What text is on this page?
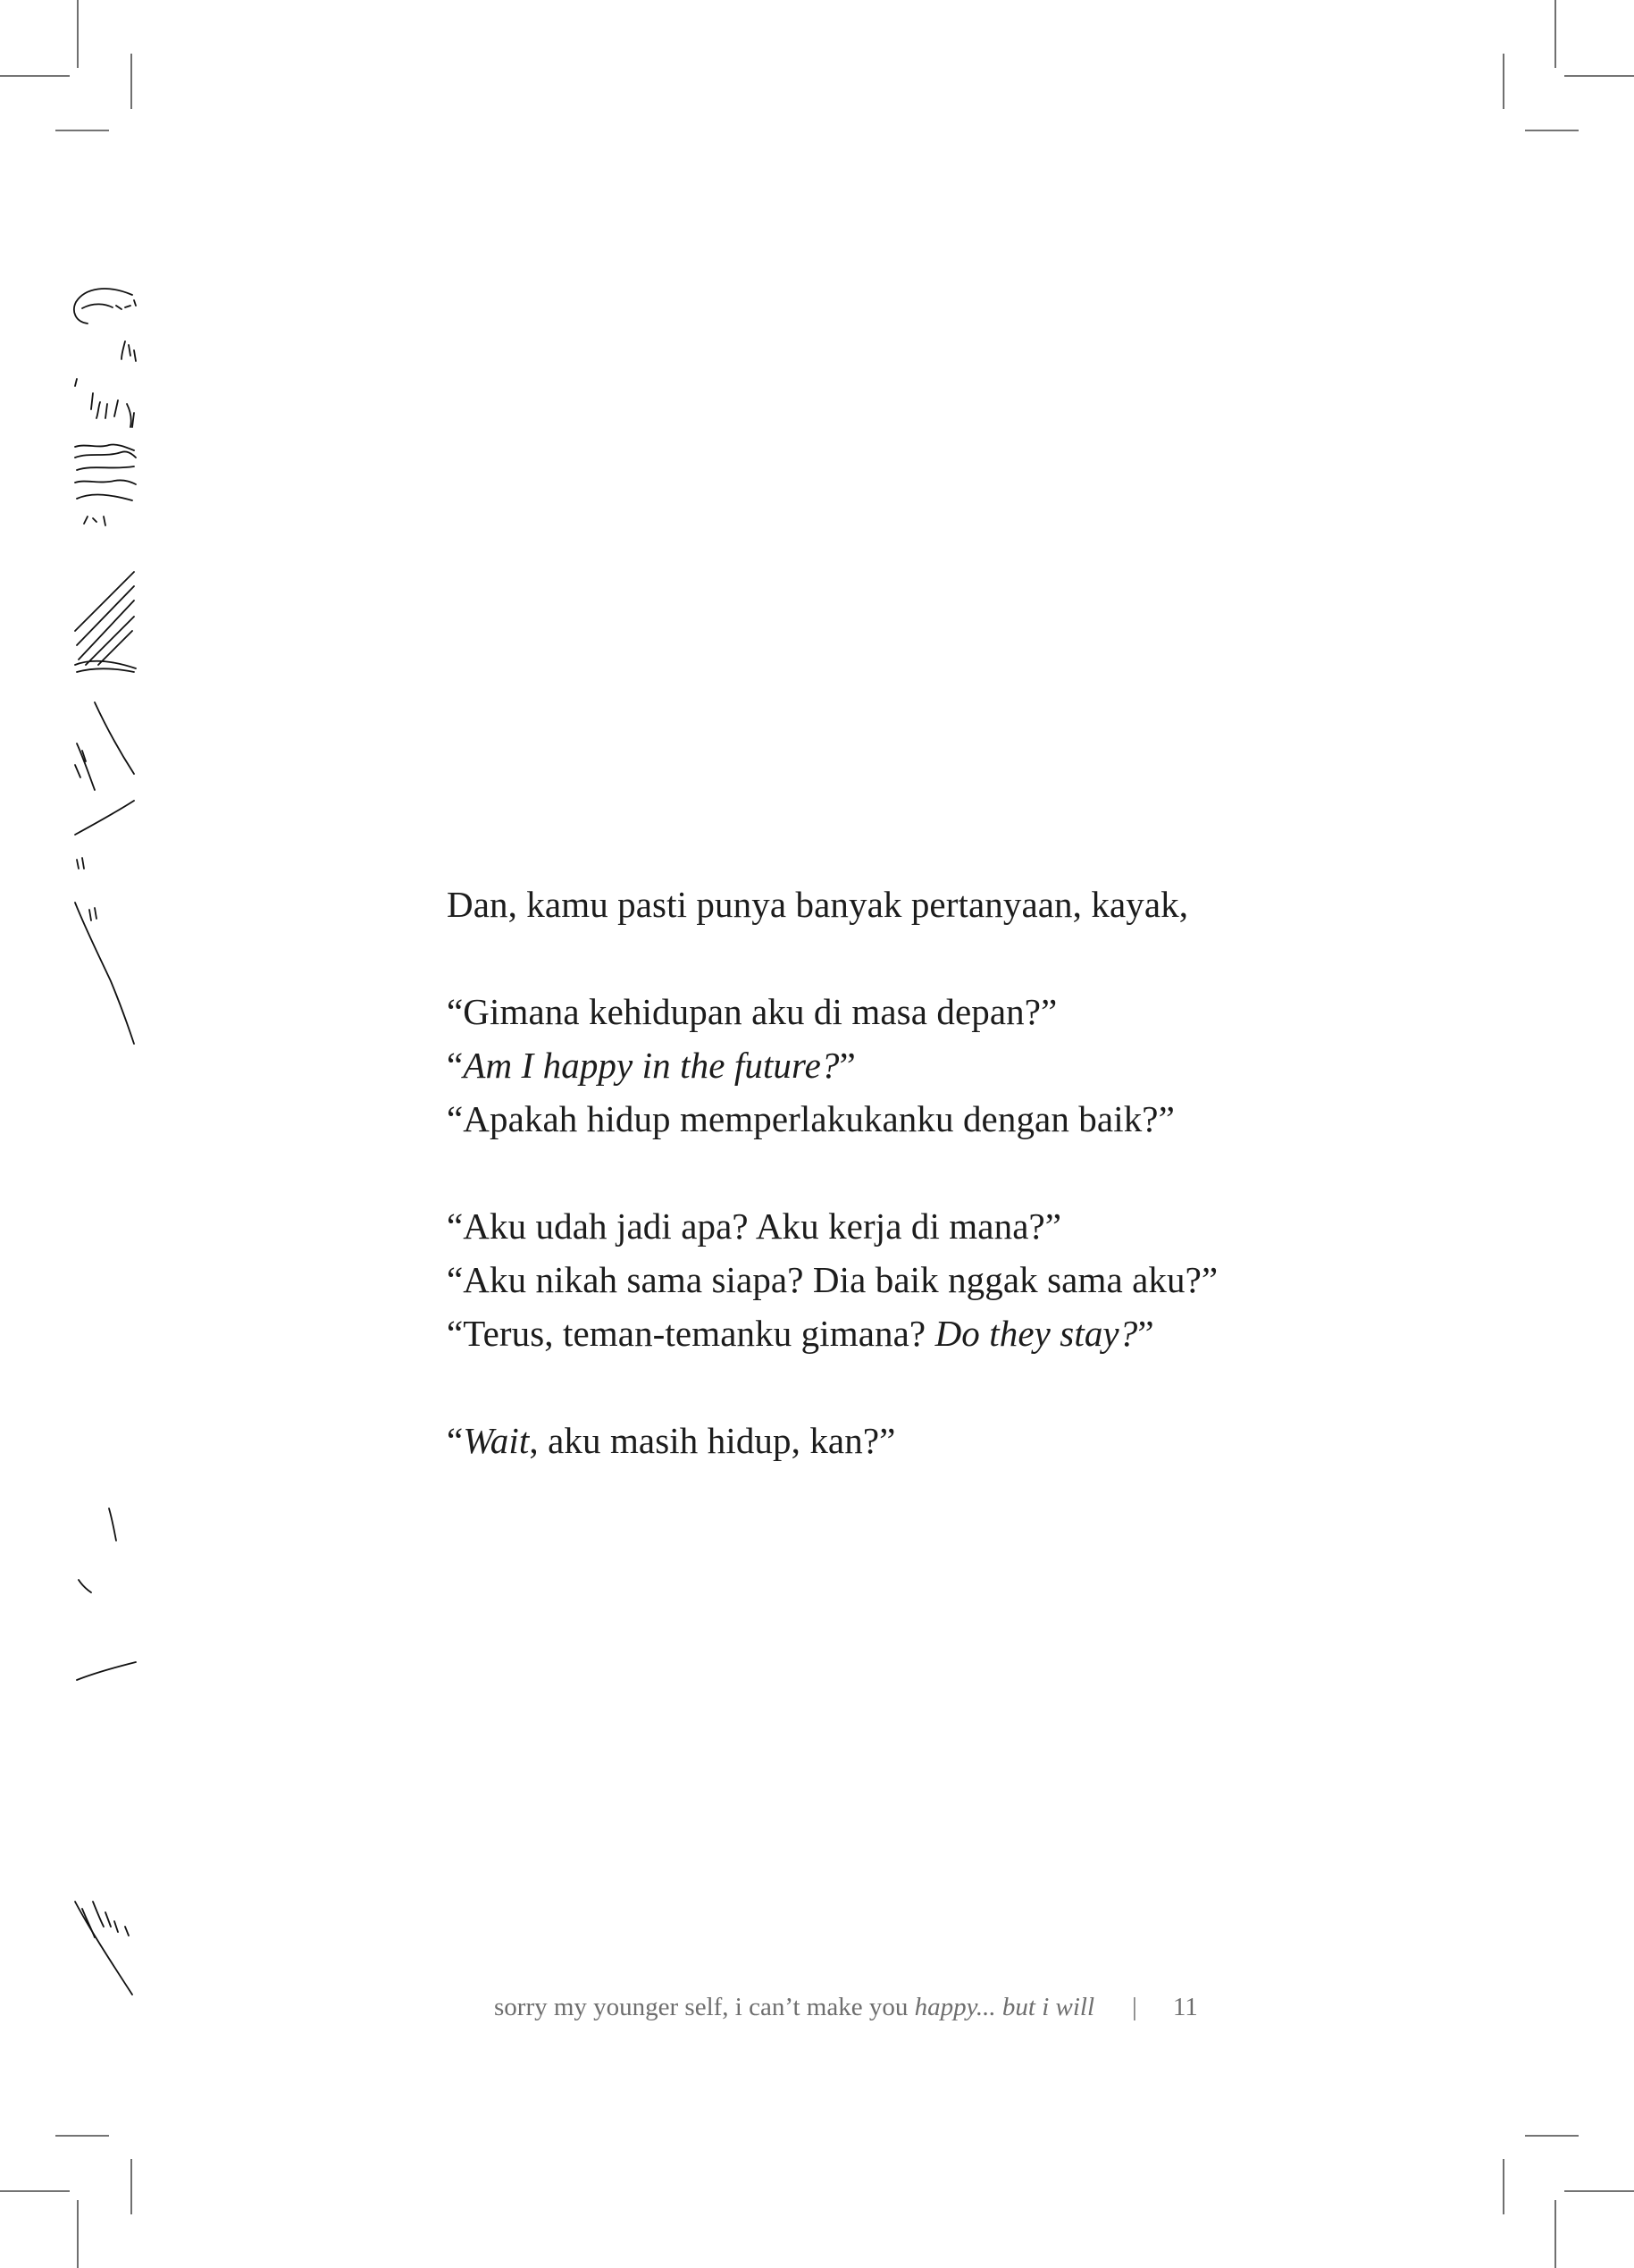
Dan, kamu pasti punya banyak pertanyaan, kayak,

“Gimana kehidupan aku di masa depan?”

“Am I happy in the future?”

“Apakah hidup memperlakukanku dengan baik?”

“Aku udah jadi apa? Aku kerja di mana?”

“Aku nikah sama siapa? Dia baik nggak sama aku?”

“Terus, teman-temanku gimana? Do they stay?”

“Wait, aku masih hidup, kan?”

sorry my younger self, i can’t make you happy... but i will | 11
